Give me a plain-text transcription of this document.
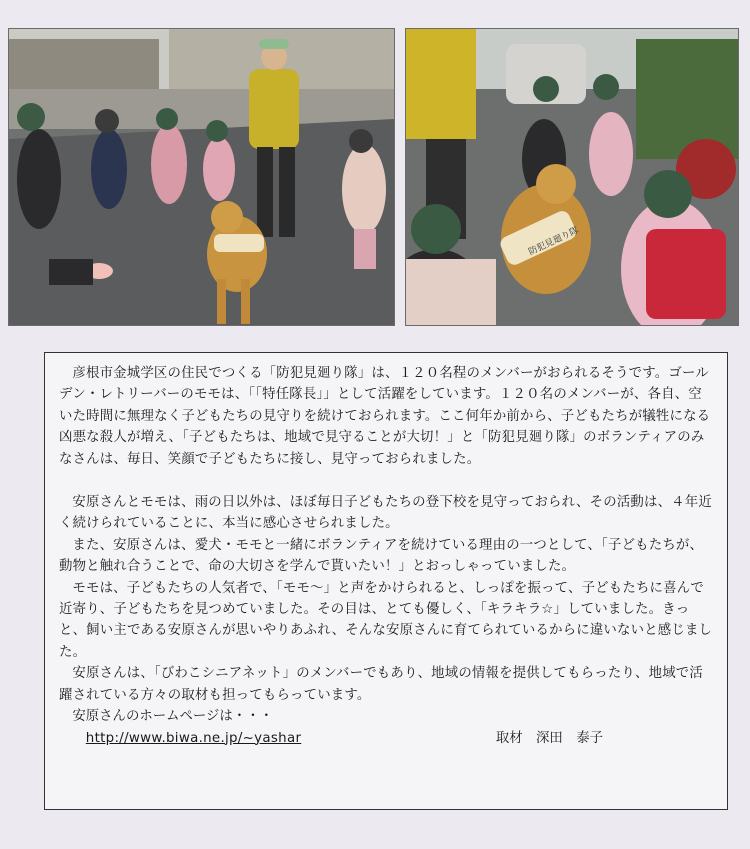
防犯見廻り隊

彦根市金城学区の住民でつくる「防犯見廻り隊」は、１２０名程のメンバーがおられるそうです。ゴールデン・レトリーバーのモモは、「「特任隊長」」として活躍をしています。１２０名のメンバーが、各自、空いた時間に無理なく子どもたちの見守りを続けておられます。ここ何年か前から、子どもたちが犠牲になる凶悪な殺人が増え、「子どもたちは、地域で見守ることが大切！」と「防犯見廻り隊」のボランティアのみなさんは、毎日、笑顔で子どもたちに接し、見守っておられました。

安原さんとモモは、雨の日以外は、ほぼ毎日子どもたちの登下校を見守っておられ、その活動は、４年近く続けられていることに、本当に感心させられました。

また、安原さんは、愛犬・モモと一緒にボランティアを続けている理由の一つとして、「子どもたちが、動物と触れ合うことで、命の大切さを学んで貰いたい！」とおっしゃっていました。

モモは、子どもたちの人気者で、「モモ～」と声をかけられると、しっぽを振って、子どもたちに喜んで近寄り、子どもたちを見つめていました。その目は、とても優しく、「キラキラ☆」していました。きっと、飼い主である安原さんが思いやりあふれ、そんな安原さんに育てられているからに違いないと感じました。

安原さんは、「びわこシニアネット」のメンバーでもあり、地域の情報を提供してもらったり、地域で活躍されている方々の取材も担ってもらっています。

安原さんのホームページは・・・
http://www.biwa.ne.jp/~yashar	取材　深田　泰子
